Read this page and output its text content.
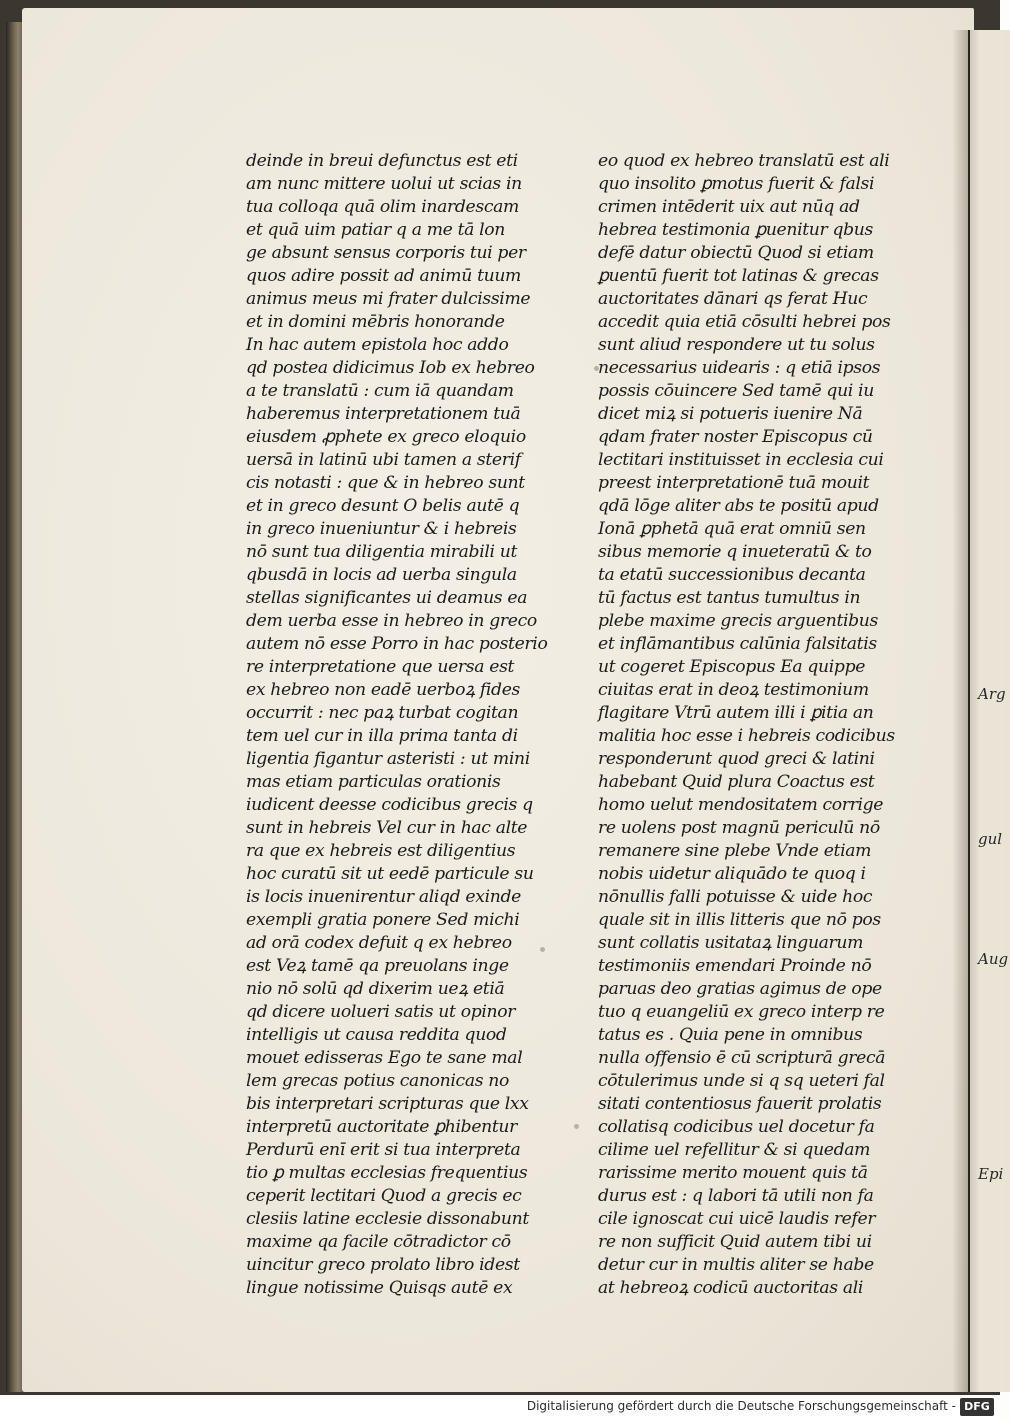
Arg
gul
Aug
Epi
deinde in breui defunctus est eti
am nunc mittere uolui ut scias in
tua colloqa quā olim inardescam
et quā uim patiar q a me tā lon
ge absunt sensus corporis tui per
quos adire possit ad animū tuum
animus meus mi frater dulcissime
et in domini mēbris honorande
In hac autem epistola hoc addo
qd postea didicimus Iob ex hebreo
a te translatū : cum iā quandam
haberemus interpretationem tuā
eiusdem ꝓphete ex greco eloquio
uersā in latinū ubi tamen a sterif
cis notasti : que & in hebreo sunt
et in greco desunt O belis autē q
in greco inueniuntur & i hebreis
nō sunt tua diligentia mirabili ut
qbusdā in locis ad uerba singula
stellas significantes ui deamus ea
dem uerba esse in hebreo in greco
autem nō esse Porro in hac posterio
re interpretatione que uersa est
ex hebreo non eadē uerboꝝ fides
occurrit : nec paꝝ turbat cogitan
tem uel cur in illa prima tanta di
ligentia figantur asteristi : ut mini
mas etiam particulas orationis
iudicent deesse codicibus grecis q
sunt in hebreis Vel cur in hac alte
ra que ex hebreis est diligentius
hoc curatū sit ut eedē particule su
is locis inuenirentur aliqd exinde
exempli gratia ponere Sed michi
ad orā codex defuit q ex hebreo
est Veꝝ tamē qa preuolans inge
nio nō solū qd dixerim ueꝝ etiā
qd dicere uolueri satis ut opinor
intelligis ut causa reddita quod
mouet edisseras Ego te sane mal
lem grecas potius canonicas no
bis interpretari scripturas que lxx
interpretū auctoritate ꝑhibentur
Perdurū enī erit si tua interpreta
tio ꝑ multas ecclesias frequentius
ceperit lectitari Quod a grecis ec
clesiis latine ecclesie dissonabunt
maxime qa facile cōtradictor cō
uincitur greco prolato libro idest
lingue notissime Quisqs autē ex
eo quod ex hebreo translatū est ali
quo insolito ꝑmotus fuerit & falsi
crimen intēderit uix aut nūq ad
hebrea testimonia ꝑuenitur qbus
defē datur obiectū Quod si etiam
ꝑuentū fuerit tot latinas & grecas
auctoritates dānari qs ferat Huc
accedit quia etiā cōsulti hebrei pos
sunt aliud respondere ut tu solus
necessarius uidearis : q etiā ipsos
possis cōuincere Sed tamē qui iu
dicet miꝝ si potueris iuenire Nā
qdam frater noster Episcopus cū
lectitari instituisset in ecclesia cui
preest interpretationē tuā mouit
qdā lōge aliter abs te positū apud
Ionā ꝑphetā quā erat omniū sen
sibus memorie q inueteratū & to
ta etatū successionibus decanta
tū factus est tantus tumultus in
plebe maxime grecis arguentibus
et inflāmantibus calūnia falsitatis
ut cogeret Episcopus Ea quippe
ciuitas erat in deoꝝ testimonium
flagitare Vtrū autem illi i ꝑitia an
malitia hoc esse i hebreis codicibus
responderunt quod greci & latini
habebant Quid plura Coactus est
homo uelut mendositatem corrige
re uolens post magnū periculū nō
remanere sine plebe Vnde etiam
nobis uidetur aliquādo te quoq i
nōnullis falli potuisse & uide hoc
quale sit in illis litteris que nō pos
sunt collatis usitataꝝ linguarum
testimoniis emendari Proinde nō
paruas deo gratias agimus de ope
tuo q euangeliū ex greco interp re
tatus es . Quia pene in omnibus
nulla offensio ē cū scripturā grecā
cōtulerimus unde si q sq ueteri fal
sitati contentiosus fauerit prolatis
collatisq codicibus uel docetur fa
cilime uel refellitur & si quedam
rarissime merito mouent quis tā
durus est : q labori tā utili non fa
cile ignoscat cui uicē laudis refer
re non sufficit Quid autem tibi ui
detur cur in multis aliter se habe
at hebreoꝝ codicū auctoritas ali
Digitalisierung gefördert durch die Deutsche Forschungsgemeinschaft - DFG
